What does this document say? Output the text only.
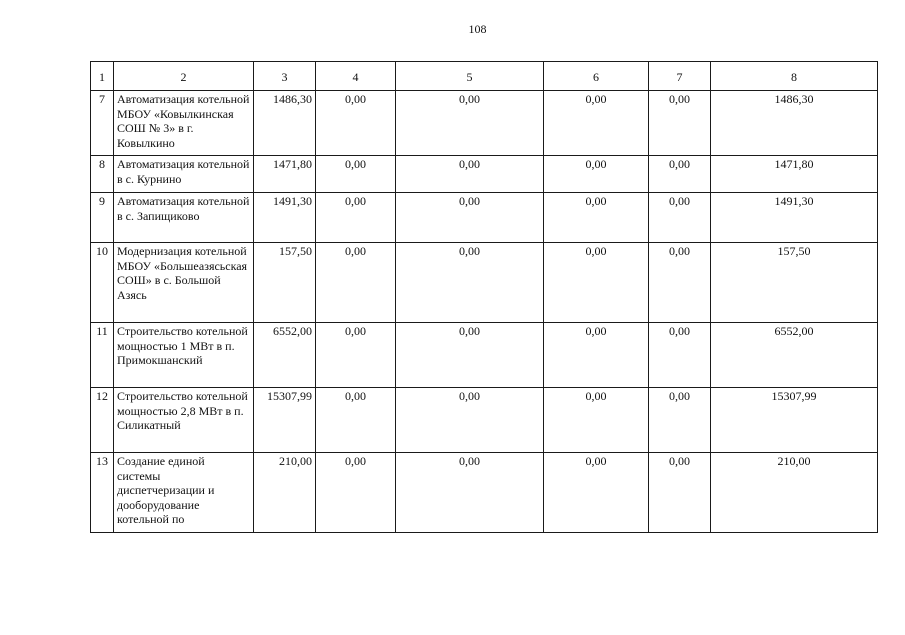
108
1	2	3	4	5	6	7	8
7	Автоматизация котельной МБОУ «Ковылкинская СОШ № 3» в г. Ковылкино	1486,30	0,00	0,00	0,00	0,00	1486,30
8	Автоматизация котельной в с. Курнино	1471,80	0,00	0,00	0,00	0,00	1471,80
9	Автоматизация котельной в с. Запищиково	1491,30	0,00	0,00	0,00	0,00	1491,30
10	Модернизация котельной МБОУ «Большеазясьская СОШ» в с. Большой Азясь	157,50	0,00	0,00	0,00	0,00	157,50
11	Строительство котельной мощностью 1 МВт в п. Примокшанский	6552,00	0,00	0,00	0,00	0,00	6552,00
12	Строительство котельной мощностью 2,8 МВт в п. Силикатный	15307,99	0,00	0,00	0,00	0,00	15307,99
13	Создание единой системы диспетчеризации и дооборудование котельной по	210,00	0,00	0,00	0,00	0,00	210,00
